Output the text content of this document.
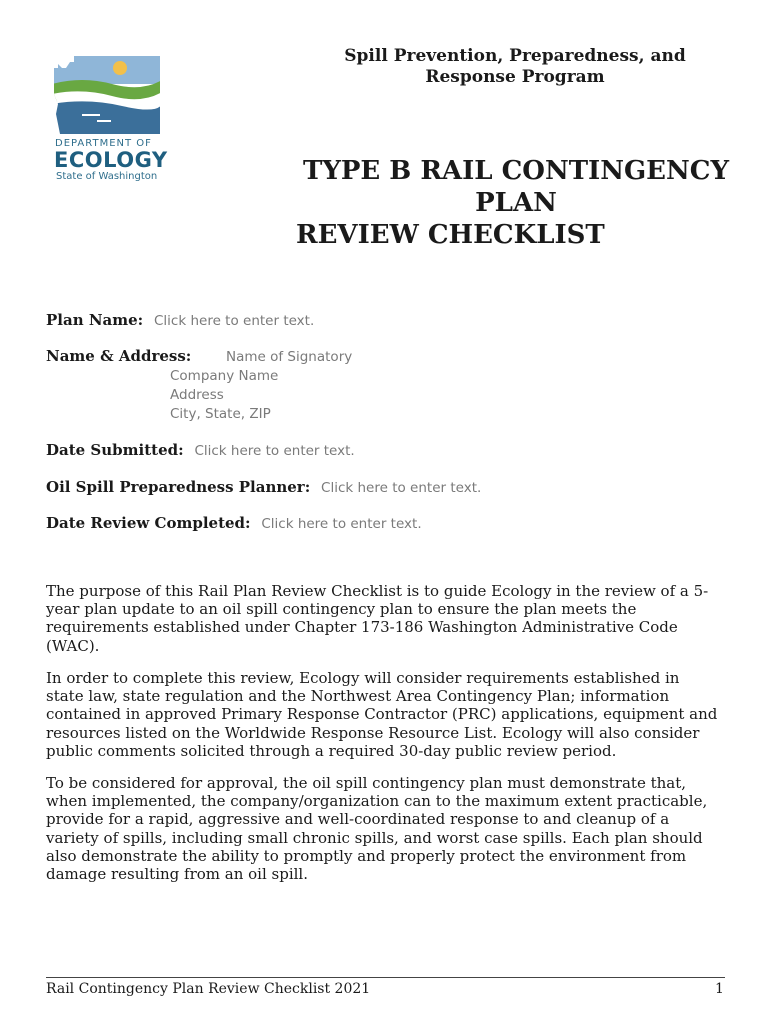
DEPARTMENT OF
ECOLOGY
State of Washington
Spill Prevention, Preparedness, and
Response Program
TYPE B RAIL CONTINGENCY
PLAN
REVIEW CHECKLIST
Plan Name: Click here to enter text.
Name & Address:	Name of Signatory
Company Name
Address
City, State, ZIP
Date Submitted: Click here to enter text.
Oil Spill Preparedness Planner: Click here to enter text.
Date Review Completed: Click here to enter text.
The purpose of this Rail Plan Review Checklist is to guide Ecology in the review of a 5-
year plan update to an oil spill contingency plan to ensure the plan meets the
requirements established under Chapter 173-186 Washington Administrative Code
(WAC).
In order to complete this review, Ecology will consider requirements established in
state law, state regulation and the Northwest Area Contingency Plan; information
contained in approved Primary Response Contractor (PRC) applications, equipment and
resources listed on the Worldwide Response Resource List. Ecology will also consider
public comments solicited through a required 30-day public review period.
To be considered for approval, the oil spill contingency plan must demonstrate that,
when implemented, the company/organization can to the maximum extent practicable,
provide for a rapid, aggressive and well-coordinated response to and cleanup of a
variety of spills, including small chronic spills, and worst case spills. Each plan should
also demonstrate the ability to promptly and properly protect the environment from
damage resulting from an oil spill.
Rail Contingency Plan Review Checklist 2021	1
